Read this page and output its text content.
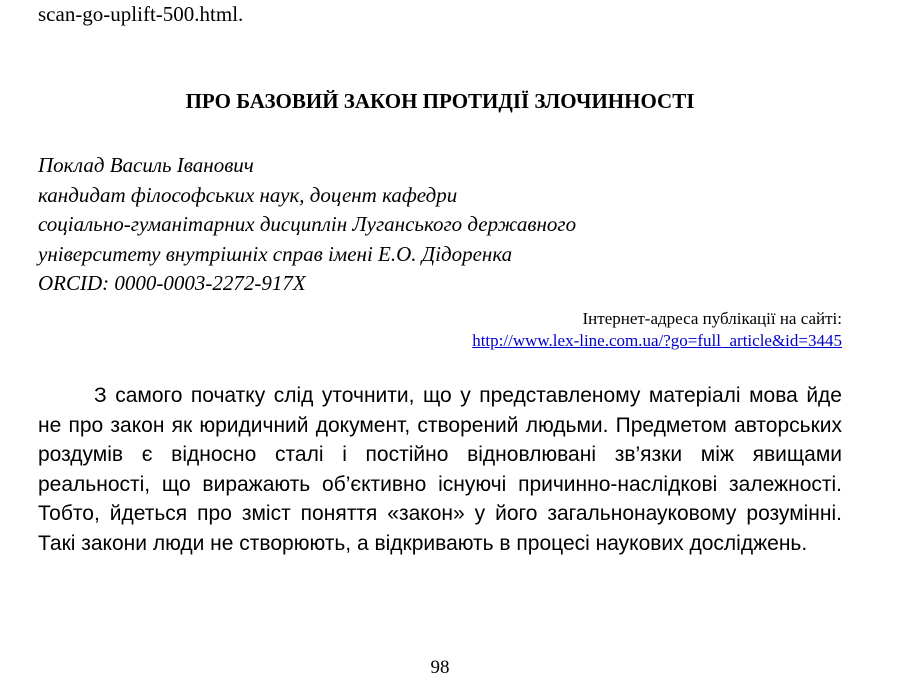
scan-go-uplift-500.html.
ПРО БАЗОВИЙ ЗАКОН ПРОТИДІЇ ЗЛОЧИННОСТІ
Поклад Василь Іванович
кандидат філософських наук, доцент кафедри
соціально-гуманітарних дисциплін Луганського державного
університету внутрішніх справ імені Е.О. Дідоренка
ORCID: 0000-0003-2272-917X
Інтернет-адреса публікації на сайті:
http://www.lex-line.com.ua/?go=full_article&id=3445
З самого початку слід уточнити, що у представленому матеріалі мова йде не про закон як юридичний документ, створений людьми. Предметом авторських роздумів є відносно сталі і постійно відновлювані зв’язки між явищами реальності, що виражають об’єктивно існуючі причинно-наслідкові залежності. Тобто, йдеться про зміст поняття «закон» у його загальнонауковому розумінні. Такі закони люди не створюють, а відкривають в процесі наукових досліджень.
98
